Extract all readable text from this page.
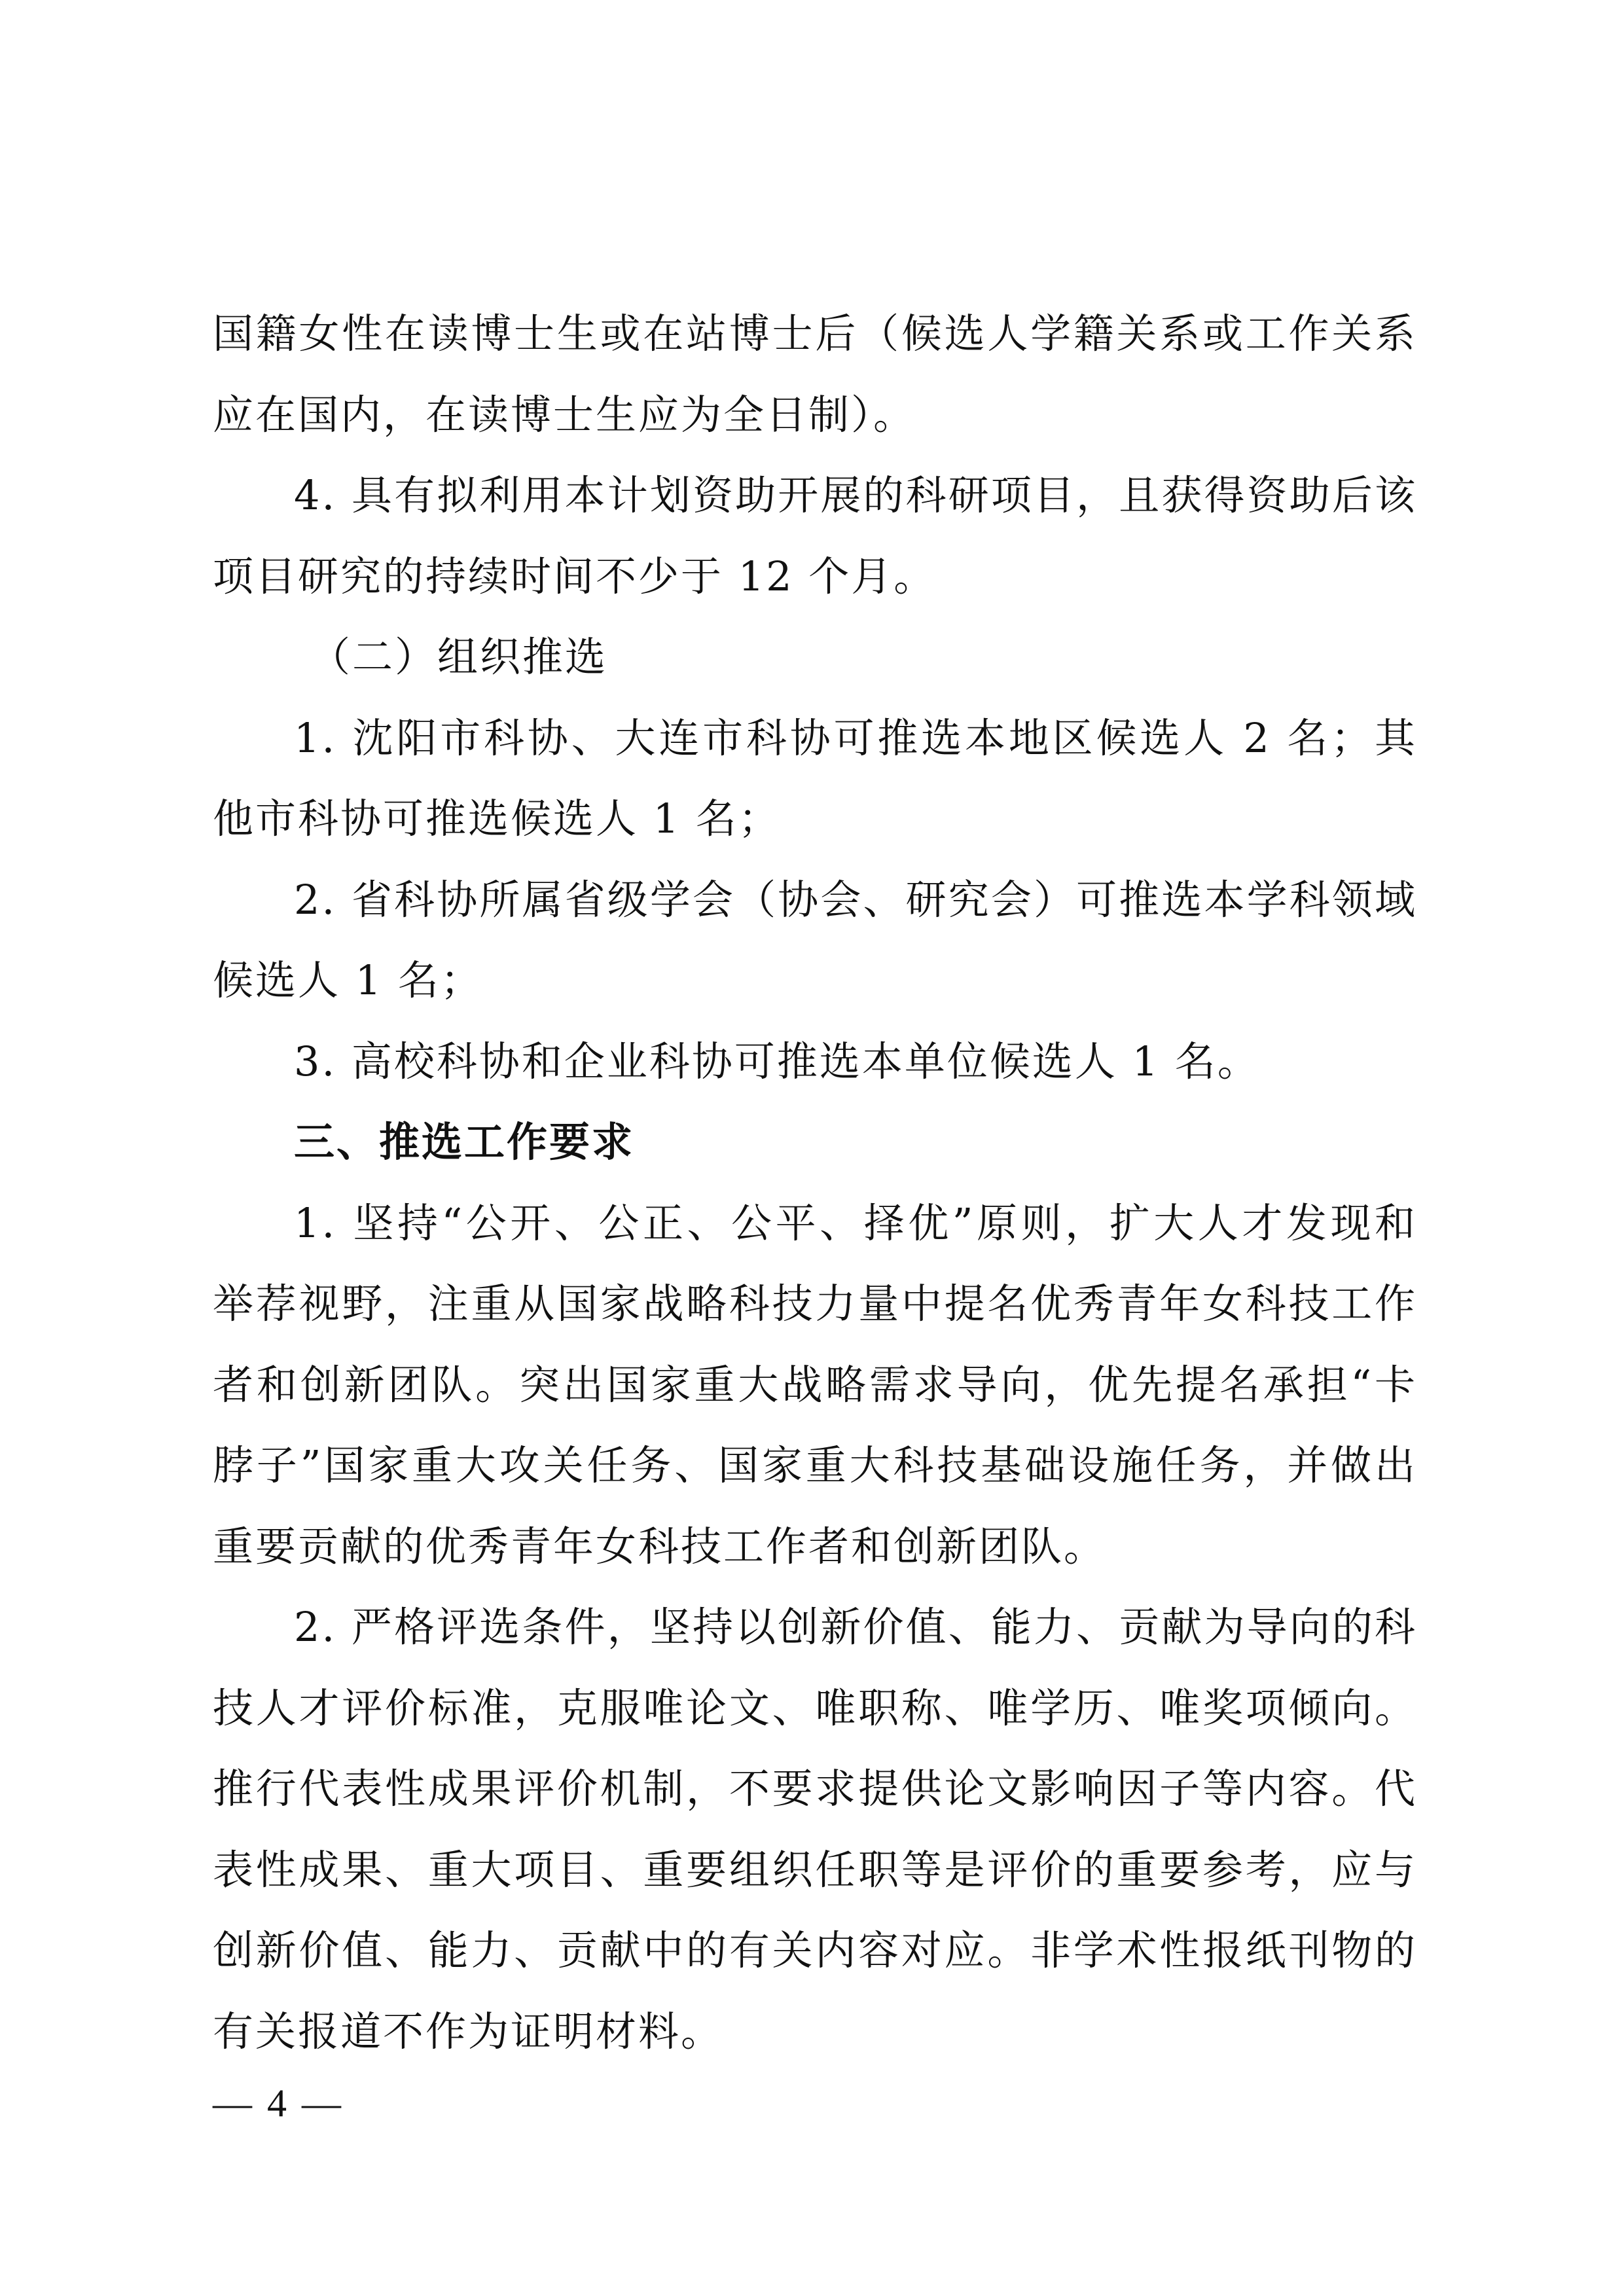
国籍女性在读博士生或在站博士后（候选人学籍关系或工作关系应在国内，在读博士生应为全日制）。

4. 具有拟利用本计划资助开展的科研项目，且获得资助后该项目研究的持续时间不少于 12 个月。

（二）组织推选

1. 沈阳市科协、大连市科协可推选本地区候选人 2 名；其他市科协可推选候选人 1 名；

2. 省科协所属省级学会（协会、研究会）可推选本学科领域候选人 1 名；

3. 高校科协和企业科协可推选本单位候选人 1 名。

三、推选工作要求

1. 坚持“公开、公正、公平、择优”原则，扩大人才发现和举荐视野，注重从国家战略科技力量中提名优秀青年女科技工作者和创新团队。突出国家重大战略需求导向，优先提名承担“卡脖子”国家重大攻关任务、国家重大科技基础设施任务，并做出重要贡献的优秀青年女科技工作者和创新团队。

2. 严格评选条件，坚持以创新价值、能力、贡献为导向的科技人才评价标准，克服唯论文、唯职称、唯学历、唯奖项倾向。推行代表性成果评价机制，不要求提供论文影响因子等内容。代表性成果、重大项目、重要组织任职等是评价的重要参考，应与创新价值、能力、贡献中的有关内容对应。非学术性报纸刊物的有关报道不作为证明材料。

— 4 —
